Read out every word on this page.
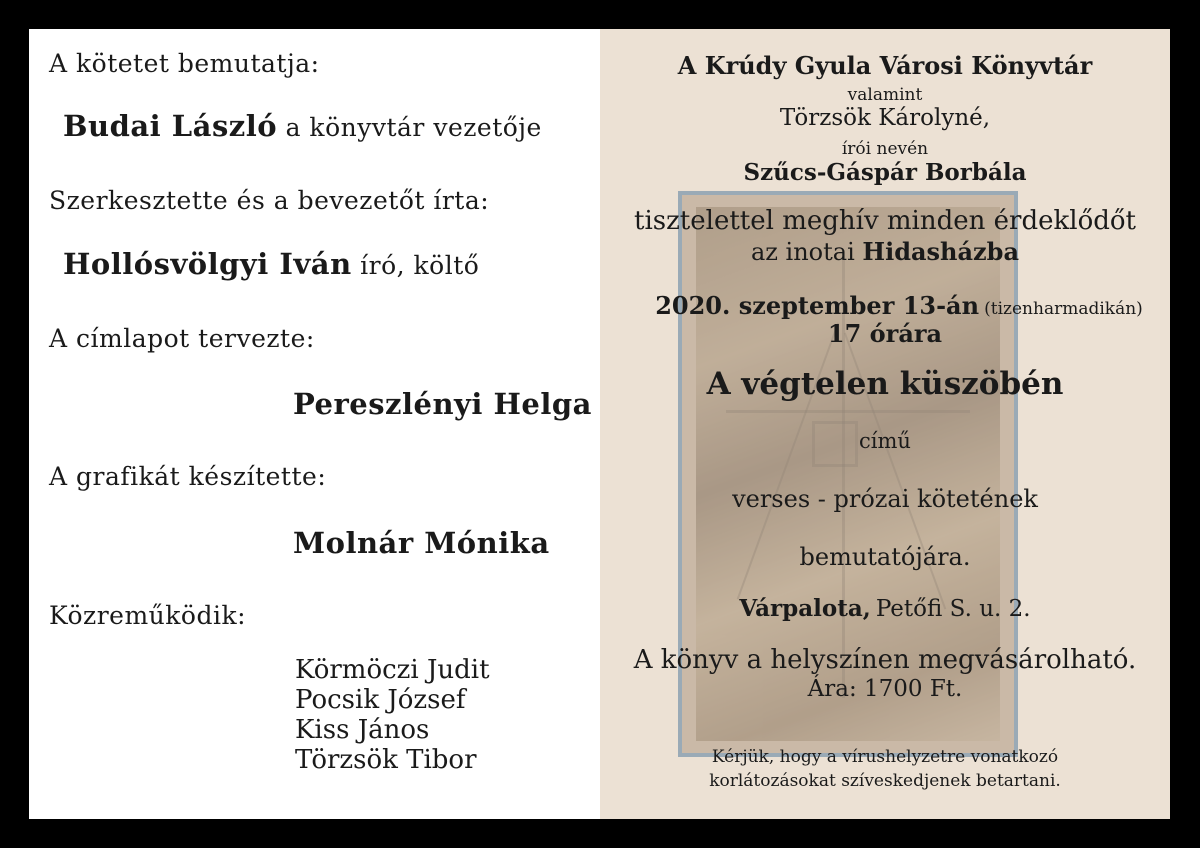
A kötetet bemutatja:
Budai László a könyvtár vezetője
Szerkesztette és a bevezetőt írta:
Hollósvölgyi Iván író, költő
A címlapot tervezte:
Pereszlényi Helga
A grafikát készítette:
Molnár Mónika
Közreműködik:
Körmöczi Judit
Pocsik József
Kiss János
Törzsök Tibor
A Krúdy Gyula Városi Könyvtár
valamint
Törzsök Károlyné,
írói nevén
Szűcs-Gáspár Borbála
tisztelettel meghív minden érdeklődőt
az inotai Hidasházba
2020. szeptember 13-án (tizenharmadikán)
17 órára
A végtelen küszöbén
című
verses - prózai kötetének
bemutatójára.
Várpalota, Petőfi S. u. 2.
A könyv a helyszínen megvásárolható.
Ára: 1700 Ft.
Kérjük, hogy a vírushelyzetre vonatkozó
korlátozásokat szíveskedjenek betartani.
